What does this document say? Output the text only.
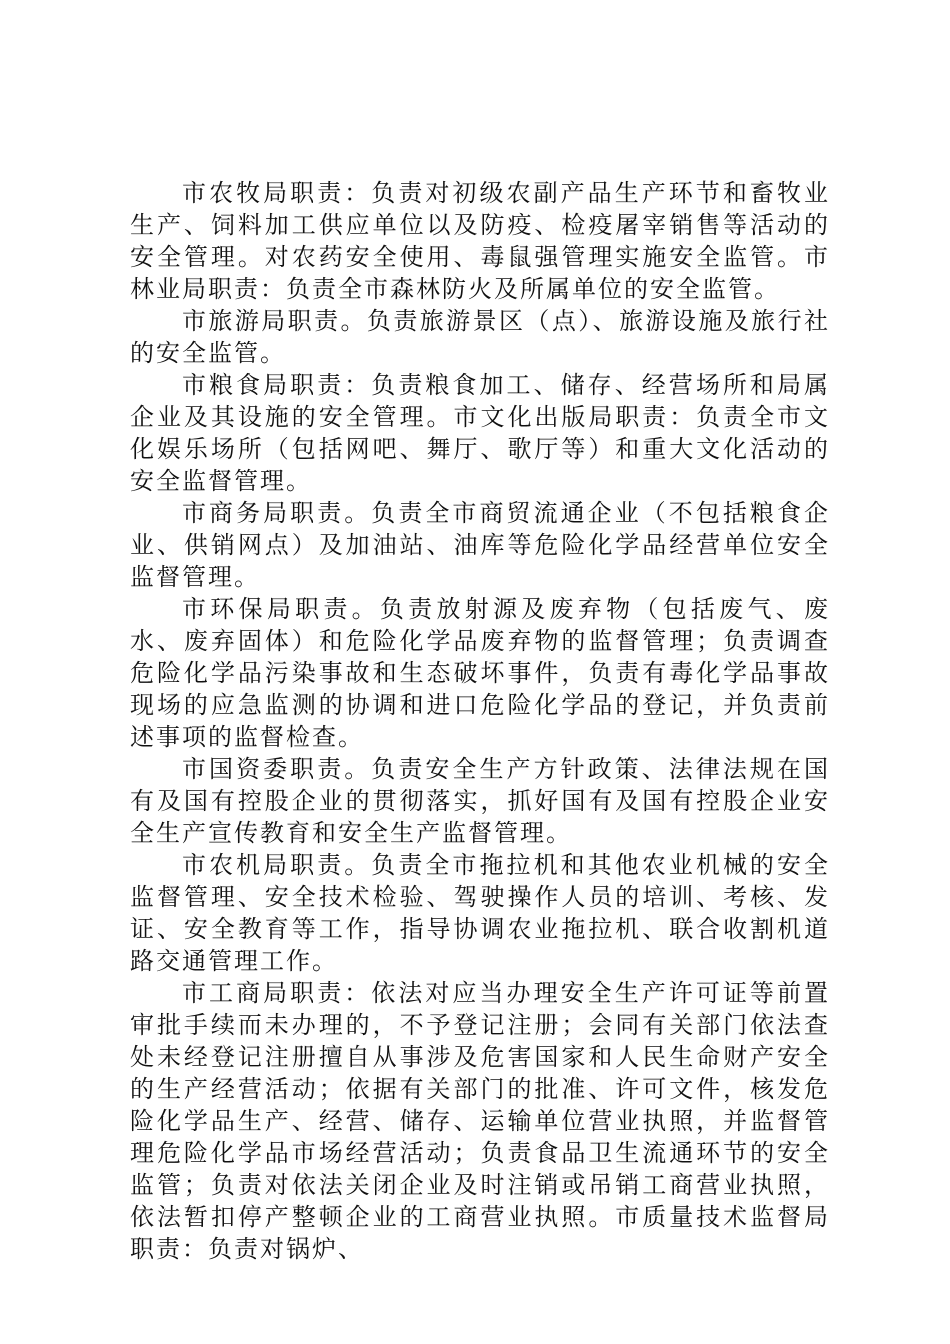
市农牧局职责：负责对初级农副产品生产环节和畜牧业生产、饲料加工供应单位以及防疫、检疫屠宰销售等活动的安全管理。对农药安全使用、毒鼠强管理实施安全监管。市林业局职责：负责全市森林防火及所属单位的安全监管。

市旅游局职责。负责旅游景区（点）、旅游设施及旅行社的安全监管。

市粮食局职责：负责粮食加工、储存、经营场所和局属企业及其设施的安全管理。市文化出版局职责：负责全市文化娱乐场所（包括网吧、舞厅、歌厅等）和重大文化活动的安全监督管理。

市商务局职责。负责全市商贸流通企业（不包括粮食企业、供销网点）及加油站、油库等危险化学品经营单位安全监督管理。

市环保局职责。负责放射源及废弃物（包括废气、废水、废弃固体）和危险化学品废弃物的监督管理；负责调查危险化学品污染事故和生态破坏事件，负责有毒化学品事故现场的应急监测的协调和进口危险化学品的登记，并负责前述事项的监督检查。

市国资委职责。负责安全生产方针政策、法律法规在国有及国有控股企业的贯彻落实，抓好国有及国有控股企业安全生产宣传教育和安全生产监督管理。

市农机局职责。负责全市拖拉机和其他农业机械的安全监督管理、安全技术检验、驾驶操作人员的培训、考核、发证、安全教育等工作，指导协调农业拖拉机、联合收割机道路交通管理工作。

市工商局职责：依法对应当办理安全生产许可证等前置审批手续而未办理的，不予登记注册；会同有关部门依法查处未经登记注册擅自从事涉及危害国家和人民生命财产安全的生产经营活动；依据有关部门的批准、许可文件，核发危险化学品生产、经营、储存、运输单位营业执照，并监督管理危险化学品市场经营活动；负责食品卫生流通环节的安全监管；负责对依法关闭企业及时注销或吊销工商营业执照，依法暂扣停产整顿企业的工商营业执照。市质量技术监督局职责：负责对锅炉、
